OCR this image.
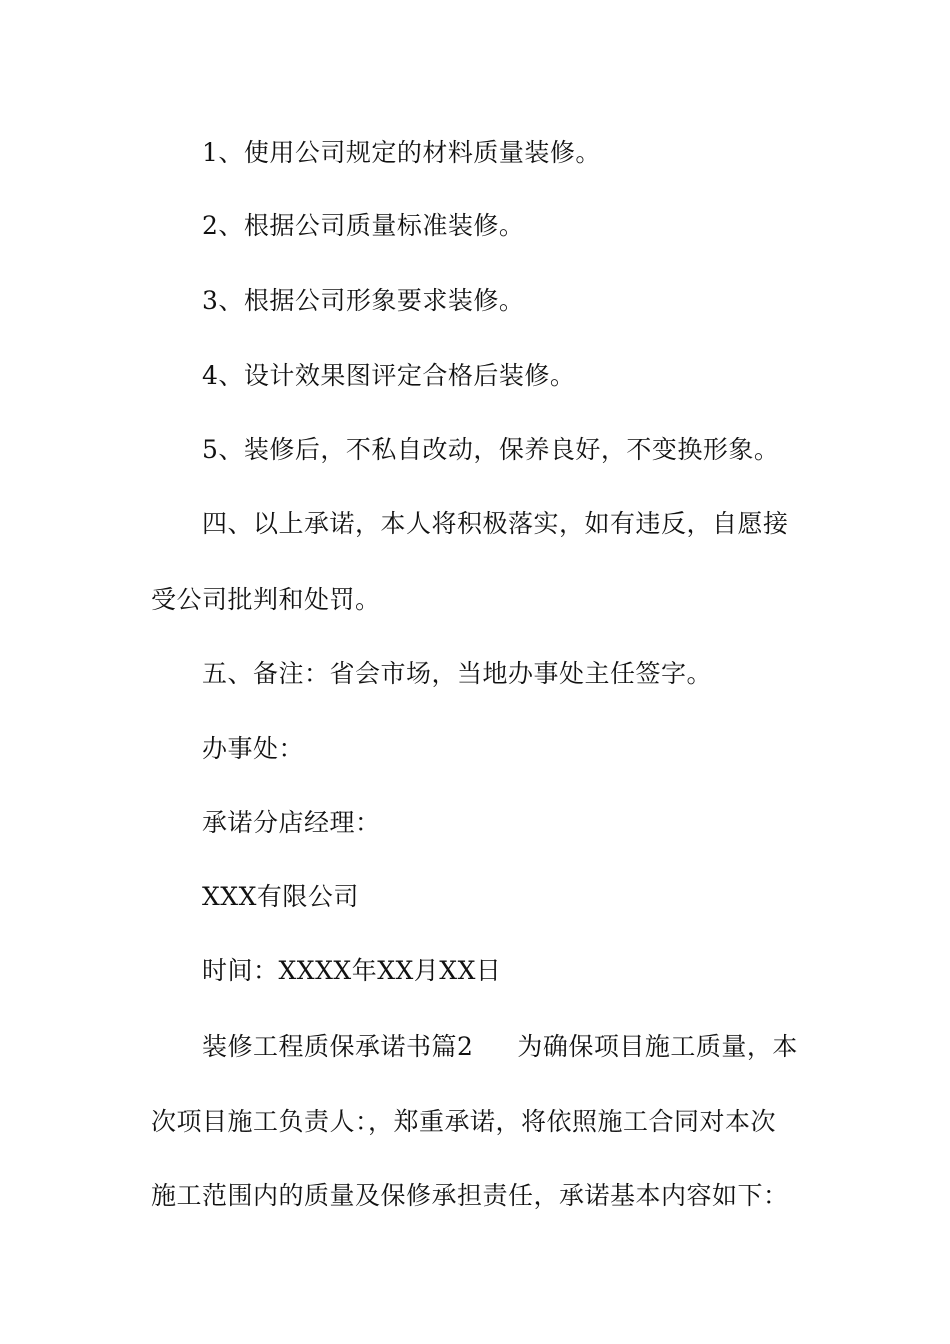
1、使用公司规定的材料质量装修。
2、根据公司质量标准装修。
3、根据公司形象要求装修。
4、设计效果图评定合格后装修。
5、装修后，不私自改动，保养良好，不变换形象。
四、以上承诺，本人将积极落实，如有违反，自愿接
受公司批判和处罚。
五、备注：省会市场，当地办事处主任签字。
办事处：
承诺分店经理：
XXX有限公司
时间：XXXX年XX月XX日
装修工程质保承诺书篇2 为确保项目施工质量，本
次项目施工负责人：，郑重承诺，将依照施工合同对本次
施工范围内的质量及保修承担责任，承诺基本内容如下：
